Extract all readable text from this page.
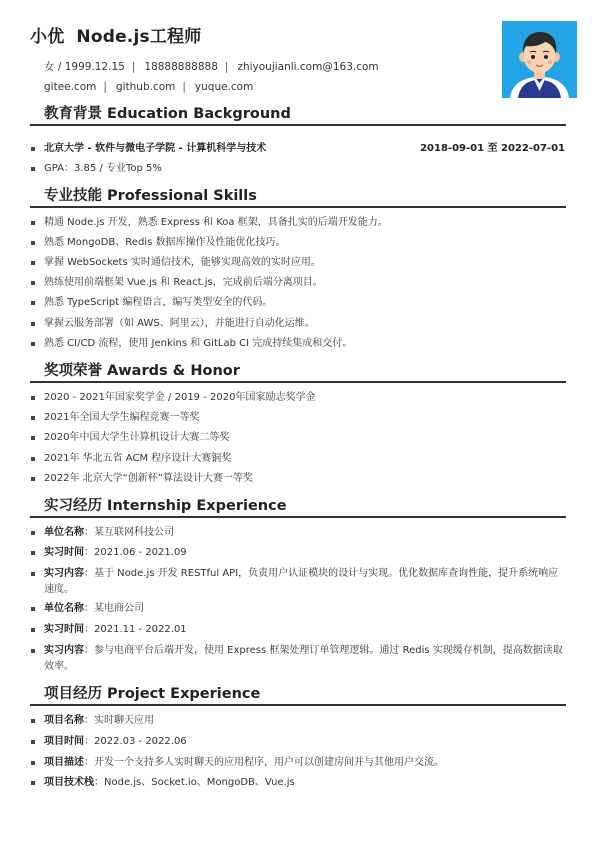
小优 Node.js工程师
女 / 1999.12.15 | 18888888888 | zhiyoujianli.com@163.com
gitee.com | github.com | yuque.com
教育背景 Education Background
北京大学 - 软件与微电子学院 - 计算机科学与技术	2018-09-01 至 2022-07-01
GPA：3.85 / 专业Top 5%
专业技能 Professional Skills
精通 Node.js 开发，熟悉 Express 和 Koa 框架，具备扎实的后端开发能力。
熟悉 MongoDB、Redis 数据库操作及性能优化技巧。
掌握 WebSockets 实时通信技术，能够实现高效的实时应用。
熟练使用前端框架 Vue.js 和 React.js，完成前后端分离项目。
熟悉 TypeScript 编程语言，编写类型安全的代码。
掌握云服务部署（如 AWS、阿里云），并能进行自动化运维。
熟悉 CI/CD 流程，使用 Jenkins 和 GitLab CI 完成持续集成和交付。
奖项荣誉 Awards & Honor
2020 - 2021年国家奖学金 / 2019 - 2020年国家励志奖学金
2021年全国大学生编程竞赛一等奖
2020年中国大学生计算机设计大赛二等奖
2021年 华北五省 ACM 程序设计大赛铜奖
2022年 北京大学“创新杯”算法设计大赛一等奖
实习经历 Internship Experience
单位名称：某互联网科技公司
实习时间：2021.06 - 2021.09
实习内容：基于 Node.js 开发 RESTful API，负责用户认证模块的设计与实现。优化数据库查询性能，提升系统响应速度。
单位名称：某电商公司
实习时间：2021.11 - 2022.01
实习内容：参与电商平台后端开发，使用 Express 框架处理订单管理逻辑。通过 Redis 实现缓存机制，提高数据读取效率。
项目经历 Project Experience
项目名称：实时聊天应用
项目时间：2022.03 - 2022.06
项目描述：开发一个支持多人实时聊天的应用程序，用户可以创建房间并与其他用户交流。
项目技术栈：Node.js、Socket.io、MongoDB、Vue.js
